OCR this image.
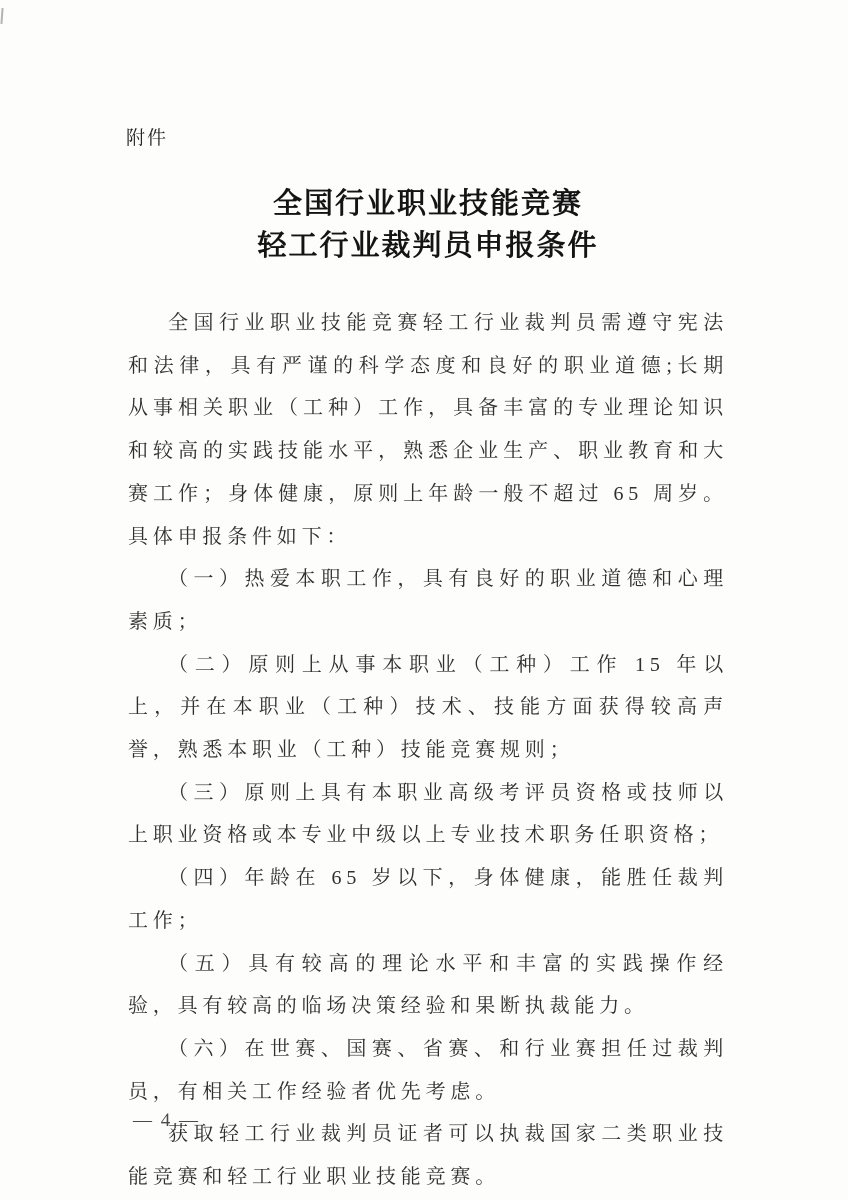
附件
全国行业职业技能竞赛
轻工行业裁判员申报条件

全国行业职业技能竞赛轻工行业裁判员需遵守宪法和法律，具有严谨的科学态度和良好的职业道德;长期从事相关职业（工种）工作，具备丰富的专业理论知识和较高的实践技能水平，熟悉企业生产、职业教育和大赛工作；身体健康，原则上年龄一般不超过 65 周岁。具体申报条件如下：

（一）热爱本职工作，具有良好的职业道德和心理素质；

（二）原则上从事本职业（工种）工作 15 年以上，并在本职业（工种）技术、技能方面获得较高声誉，熟悉本职业（工种）技能竞赛规则；

（三）原则上具有本职业高级考评员资格或技师以上职业资格或本专业中级以上专业技术职务任职资格；

（四）年龄在 65 岁以下，身体健康，能胜任裁判工作；

（五）具有较高的理论水平和丰富的实践操作经验，具有较高的临场决策经验和果断执裁能力。

（六）在世赛、国赛、省赛、和行业赛担任过裁判员，有相关工作经验者优先考虑。

获取轻工行业裁判员证者可以执裁国家二类职业技能竞赛和轻工行业职业技能竞赛。

— 4 —
